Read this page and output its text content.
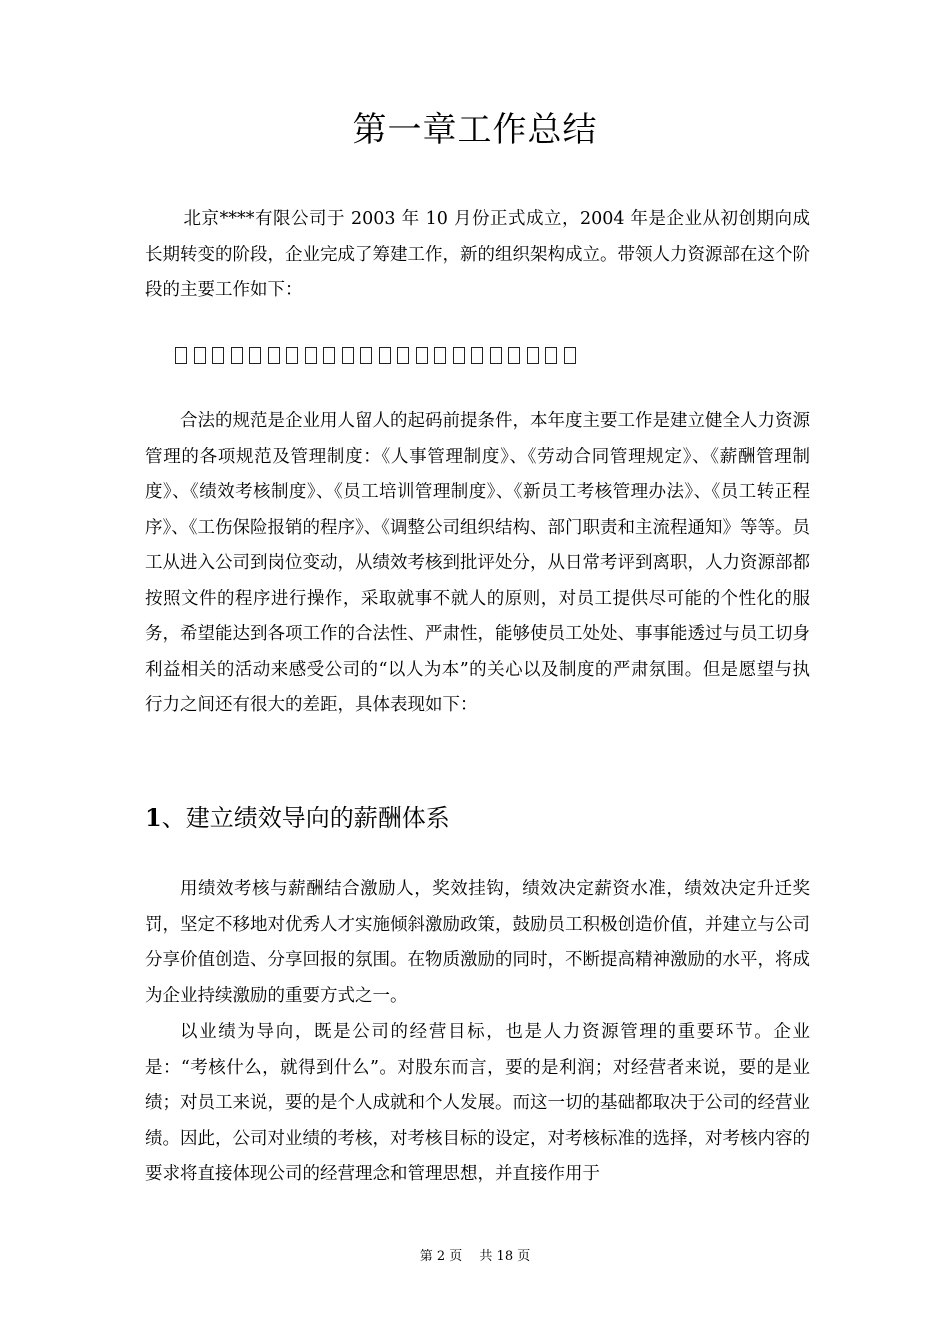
第一章工作总结

北京****有限公司于 2003 年 10 月份正式成立，2004 年是企业从初创期向成长期转变的阶段，企业完成了筹建工作，新的组织架构成立。带领人力资源部在这个阶段的主要工作如下：

合法的规范是企业用人留人的起码前提条件，本年度主要工作是建立健全人力资源管理的各项规范及管理制度：《人事管理制度》、《劳动合同管理规定》、《薪酬管理制度》、《绩效考核制度》、《员工培训管理制度》、《新员工考核管理办法》、《员工转正程序》、《工伤保险报销的程序》、《调整公司组织结构、部门职责和主流程通知》等等。员工从进入公司到岗位变动，从绩效考核到批评处分，从日常考评到离职，人力资源部都按照文件的程序进行操作，采取就事不就人的原则，对员工提供尽可能的个性化的服务，希望能达到各项工作的合法性、严肃性，能够使员工处处、事事能透过与员工切身利益相关的活动来感受公司的“以人为本”的关心以及制度的严肃氛围。但是愿望与执行力之间还有很大的差距，具体表现如下：

1、建立绩效导向的薪酬体系

用绩效考核与薪酬结合激励人，奖效挂钩，绩效决定薪资水准，绩效决定升迁奖罚，坚定不移地对优秀人才实施倾斜激励政策，鼓励员工积极创造价值，并建立与公司分享价值创造、分享回报的氛围。在物质激励的同时，不断提高精神激励的水平，将成为企业持续激励的重要方式之一。

以业绩为导向，既是公司的经营目标，也是人力资源管理的重要环节。企业是：“考核什么，就得到什么”。对股东而言，要的是利润；对经营者来说，要的是业绩；对员工来说，要的是个人成就和个人发展。而这一切的基础都取决于公司的经营业绩。因此，公司对业绩的考核，对考核目标的设定，对考核标准的选择，对考核内容的要求将直接体现公司的经营理念和管理思想，并直接作用于

第 2 页　 共 18 页
